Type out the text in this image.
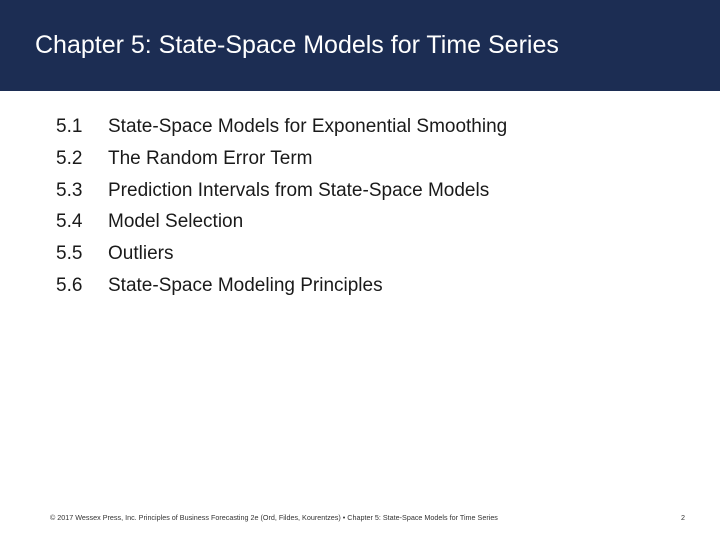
Chapter 5: State-Space Models for Time Series
5.1 State-Space Models for Exponential Smoothing
5.2 The Random Error Term
5.3 Prediction Intervals from State-Space Models
5.4 Model Selection
5.5 Outliers
5.6 State-Space Modeling Principles
© 2017 Wessex Press, Inc. Principles of Business Forecasting 2e (Ord, Fildes, Kourentzes) • Chapter 5: State-Space Models for Time Series	2
